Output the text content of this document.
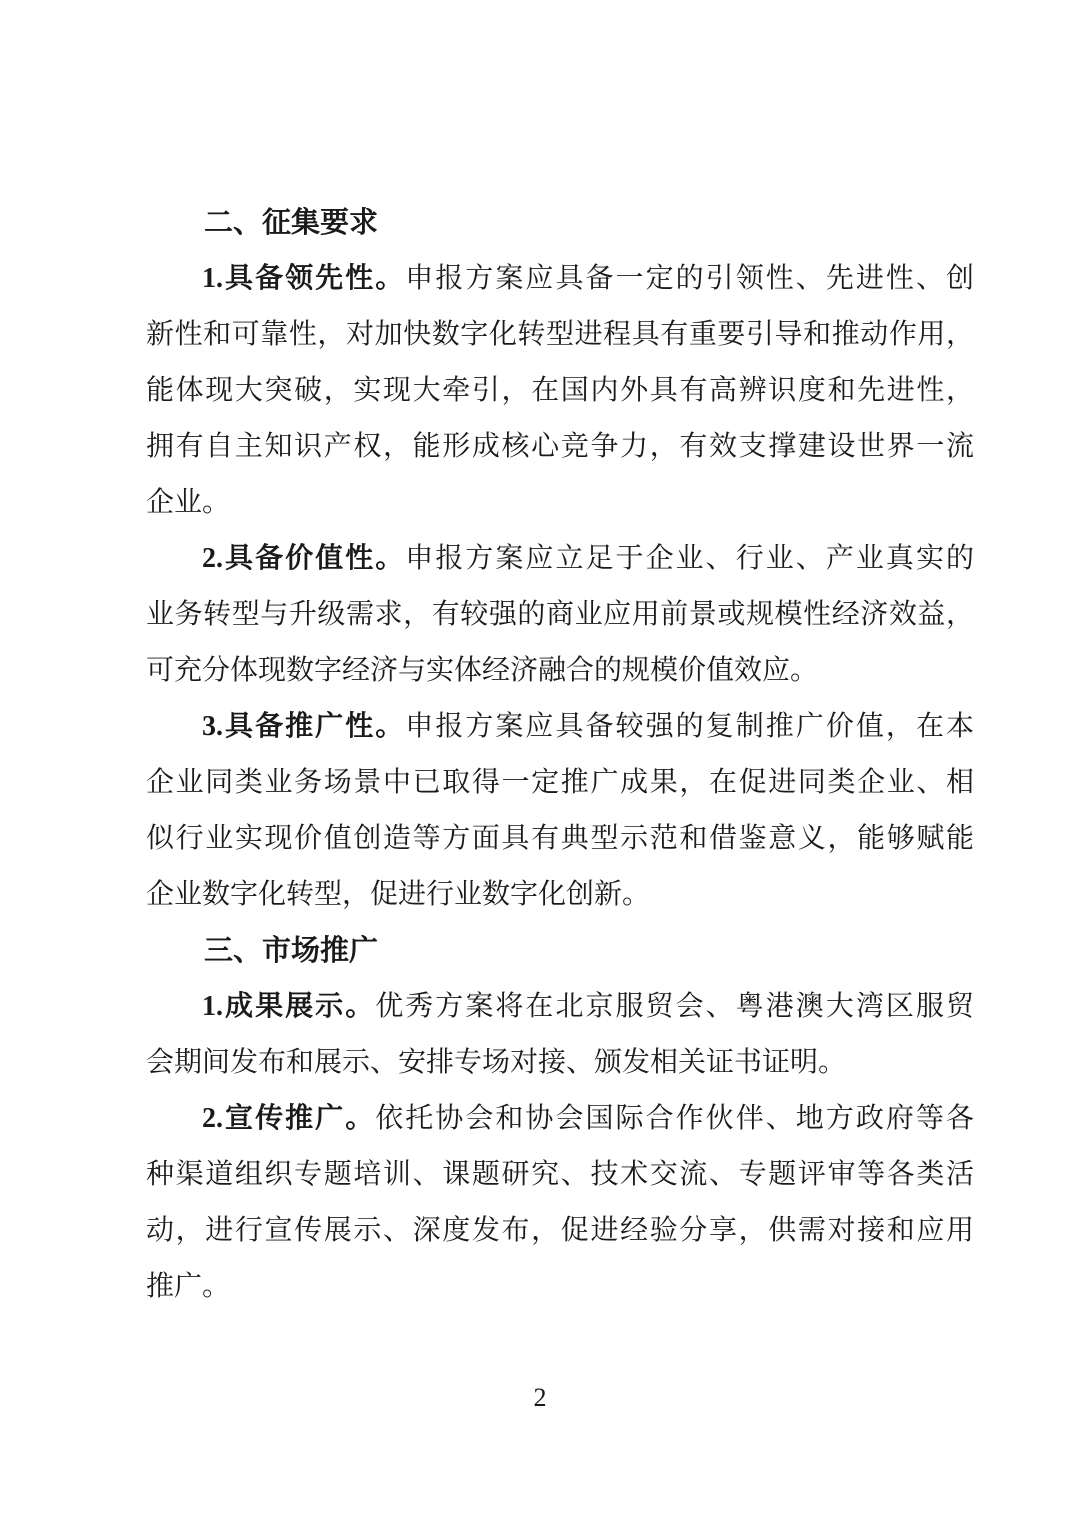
二、征集要求
1.具备领先性。申报方案应具备一定的引领性、先进性、创
新性和可靠性，对加快数字化转型进程具有重要引导和推动作用，
能体现大突破，实现大牵引，在国内外具有高辨识度和先进性，
拥有自主知识产权，能形成核心竞争力，有效支撑建设世界一流
企业。
2.具备价值性。申报方案应立足于企业、行业、产业真实的
业务转型与升级需求，有较强的商业应用前景或规模性经济效益，
可充分体现数字经济与实体经济融合的规模价值效应。
3.具备推广性。申报方案应具备较强的复制推广价值，在本
企业同类业务场景中已取得一定推广成果，在促进同类企业、相
似行业实现价值创造等方面具有典型示范和借鉴意义，能够赋能
企业数字化转型，促进行业数字化创新。
三、市场推广
1.成果展示。优秀方案将在北京服贸会、粤港澳大湾区服贸
会期间发布和展示、安排专场对接、颁发相关证书证明。
2.宣传推广。依托协会和协会国际合作伙伴、地方政府等各
种渠道组织专题培训、课题研究、技术交流、专题评审等各类活
动，进行宣传展示、深度发布，促进经验分享，供需对接和应用
推广。
2
